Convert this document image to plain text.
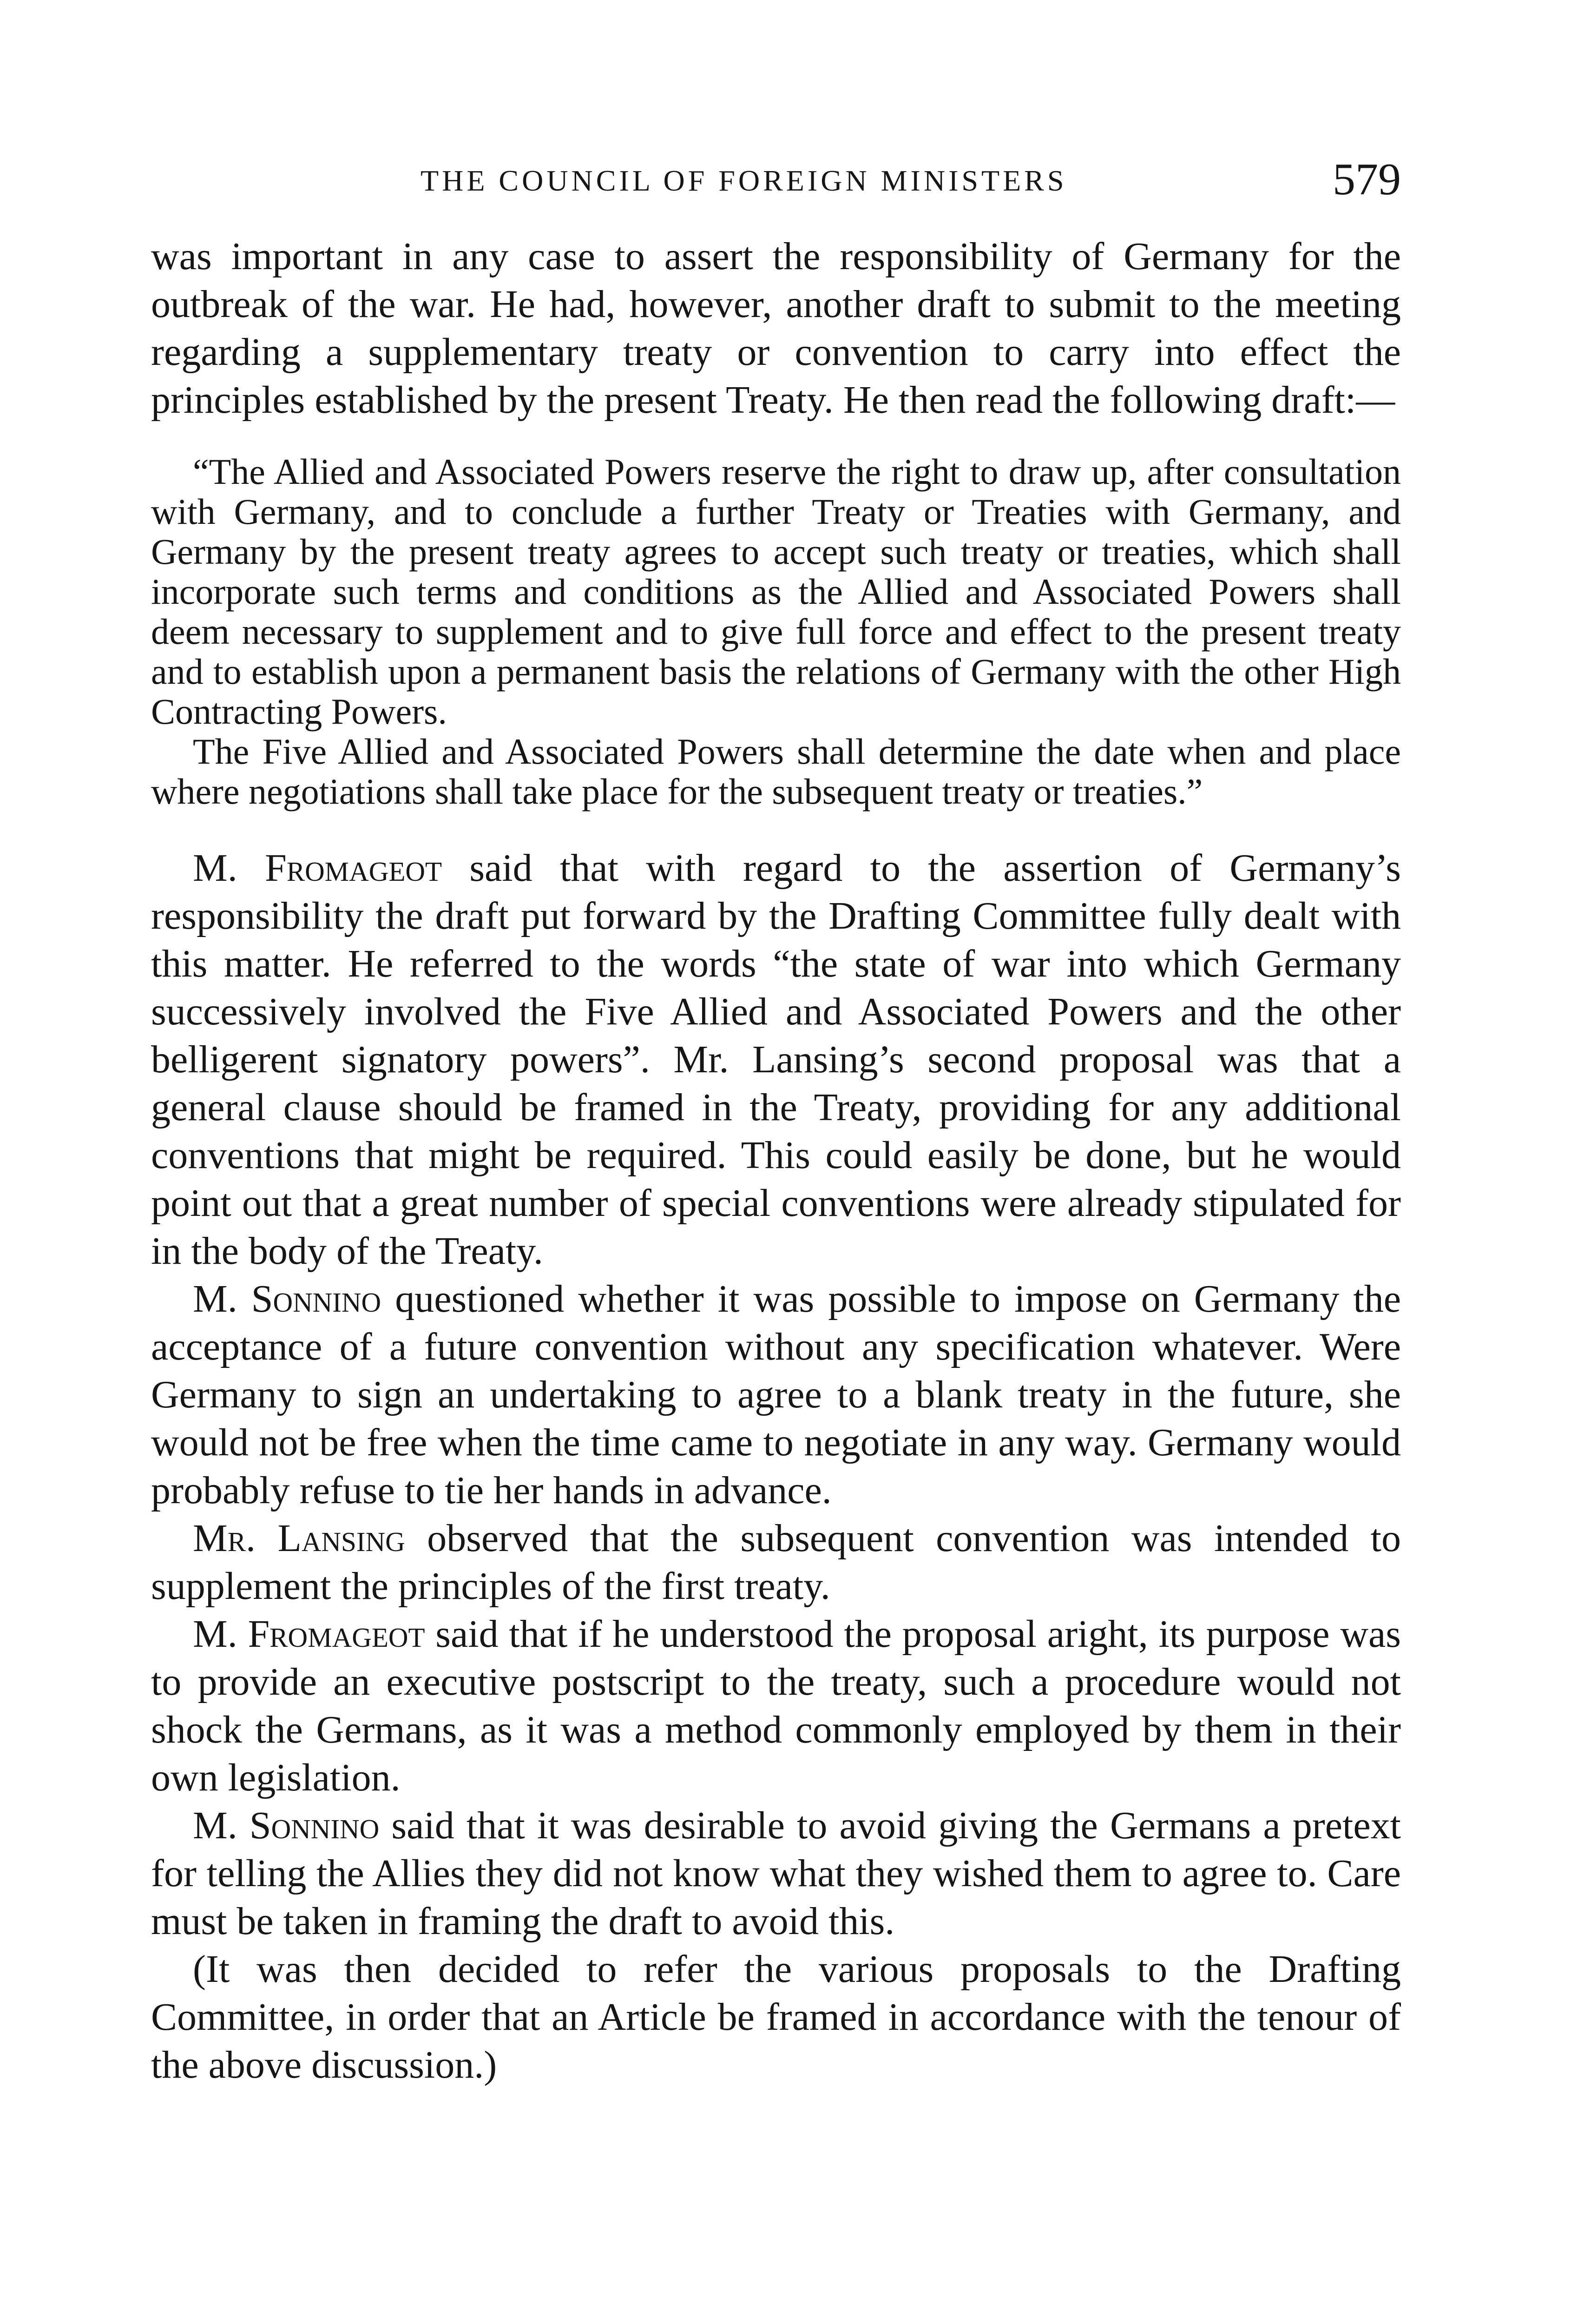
THE COUNCIL OF FOREIGN MINISTERS	579

was important in any case to assert the responsibility of Germany for the outbreak of the war. He had, however, another draft to submit to the meeting regarding a supplementary treaty or convention to carry into effect the principles established by the present Treaty. He then read the following draft:—

“The Allied and Associated Powers reserve the right to draw up, after consultation with Germany, and to conclude a further Treaty or Treaties with Germany, and Germany by the present treaty agrees to accept such treaty or treaties, which shall incorporate such terms and conditions as the Allied and Associated Powers shall deem necessary to supplement and to give full force and effect to the present treaty and to establish upon a permanent basis the relations of Germany with the other High Contracting Powers.

The Five Allied and Associated Powers shall determine the date when and place where negotiations shall take place for the subsequent treaty or treaties.”

M. Fromageot said that with regard to the assertion of Germany’s responsibility the draft put forward by the Drafting Committee fully dealt with this matter. He referred to the words “the state of war into which Germany successively involved the Five Allied and Associated Powers and the other belligerent signatory powers”. Mr. Lansing’s second proposal was that a general clause should be framed in the Treaty, providing for any additional conventions that might be required. This could easily be done, but he would point out that a great number of special conventions were already stipulated for in the body of the Treaty.

M. Sonnino questioned whether it was possible to impose on Germany the acceptance of a future convention without any specification whatever. Were Germany to sign an undertaking to agree to a blank treaty in the future, she would not be free when the time came to negotiate in any way. Germany would probably refuse to tie her hands in advance.

Mr. Lansing observed that the subsequent convention was intended to supplement the principles of the first treaty.

M. Fromageot said that if he understood the proposal aright, its purpose was to provide an executive postscript to the treaty, such a procedure would not shock the Germans, as it was a method commonly employed by them in their own legislation.

M. Sonnino said that it was desirable to avoid giving the Germans a pretext for telling the Allies they did not know what they wished them to agree to. Care must be taken in framing the draft to avoid this.

(It was then decided to refer the various proposals to the Drafting Committee, in order that an Article be framed in accordance with the tenour of the above discussion.)
